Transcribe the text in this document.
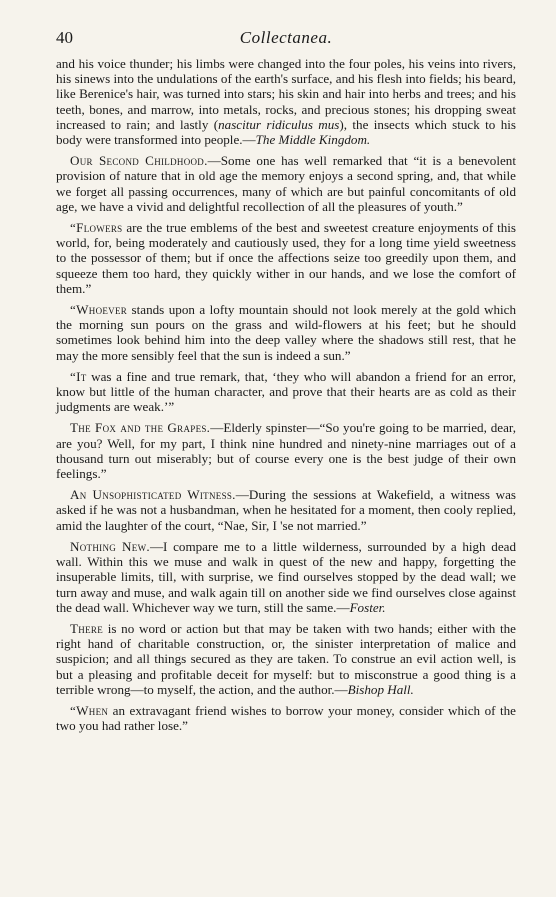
40	Collectanea.

and his voice thunder; his limbs were changed into the four poles, his veins into rivers, his sinews into the undulations of the earth's surface, and his flesh into fields; his beard, like Berenice's hair, was turned into stars; his skin and hair into herbs and trees; and his teeth, bones, and marrow, into metals, rocks, and precious stones; his dropping sweat increased to rain; and lastly (nascitur ridiculus mus), the insects which stuck to his body were transformed into people.—The Middle Kingdom.

Our Second Childhood.—Some one has well remarked that “it is a benevolent provision of nature that in old age the memory enjoys a second spring, and, that while we forget all passing occurrences, many of which are but painful concomitants of old age, we have a vivid and delightful recollection of all the pleasures of youth.”

“Flowers are the true emblems of the best and sweetest creature enjoyments of this world, for, being moderately and cautiously used, they for a long time yield sweetness to the possessor of them; but if once the affections seize too greedily upon them, and squeeze them too hard, they quickly wither in our hands, and we lose the comfort of them.”

“Whoever stands upon a lofty mountain should not look merely at the gold which the morning sun pours on the grass and wild-flowers at his feet; but he should sometimes look behind him into the deep valley where the shadows still rest, that he may the more sensibly feel that the sun is indeed a sun.”

“It was a fine and true remark, that, ‘they who will abandon a friend for an error, know but little of the human character, and prove that their hearts are as cold as their judgments are weak.’”

The Fox and the Grapes.—Elderly spinster—“So you're going to be married, dear, are you? Well, for my part, I think nine hundred and ninety-nine marriages out of a thousand turn out miserably; but of course every one is the best judge of their own feelings.”

An Unsophisticated Witness.—During the sessions at Wakefield, a witness was asked if he was not a husbandman, when he hesitated for a moment, then cooly replied, amid the laughter of the court, “Nae, Sir, I 'se not married.”

Nothing New.—I compare me to a little wilderness, surrounded by a high dead wall. Within this we muse and walk in quest of the new and happy, forgetting the insuperable limits, till, with surprise, we find ourselves stopped by the dead wall; we turn away and muse, and walk again till on another side we find ourselves close against the dead wall. Whichever way we turn, still the same.—Foster.

There is no word or action but that may be taken with two hands; either with the right hand of charitable construction, or, the sinister interpretation of malice and suspicion; and all things secured as they are taken. To construe an evil action well, is but a pleasing and profitable deceit for myself: but to misconstrue a good thing is a terrible wrong—to myself, the action, and the author.—Bishop Hall.

“When an extravagant friend wishes to borrow your money, consider which of the two you had rather lose.”
